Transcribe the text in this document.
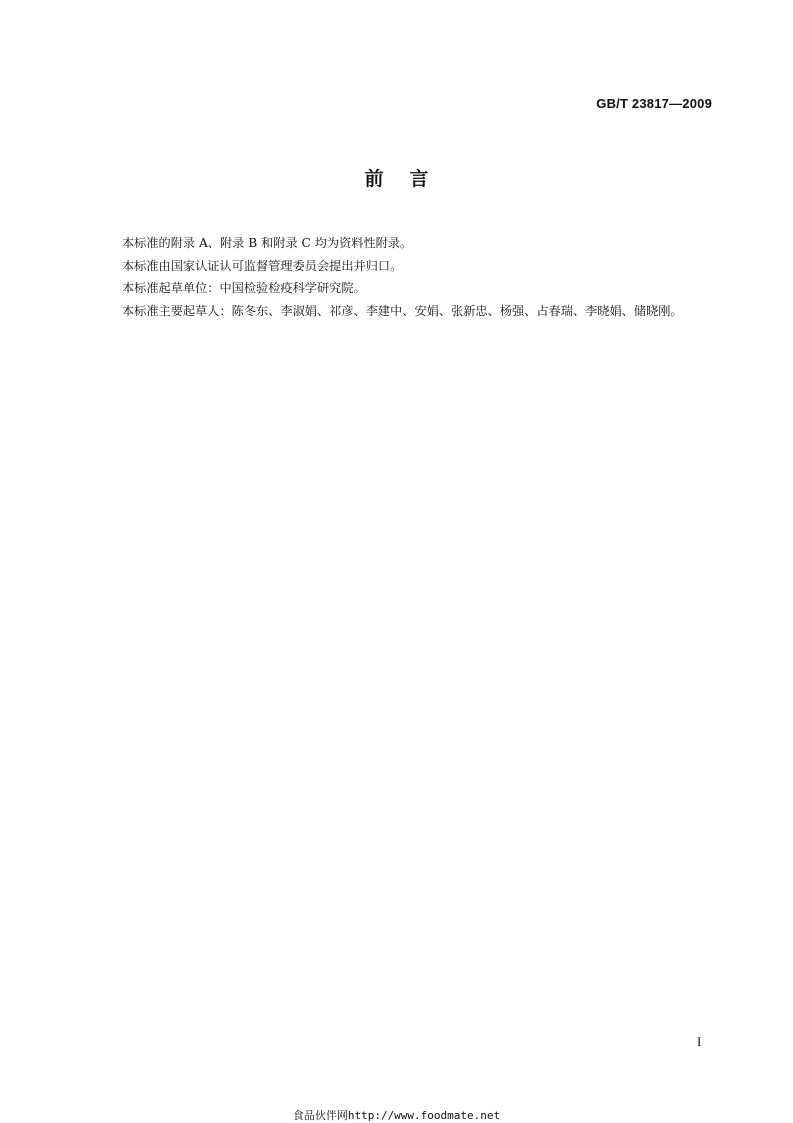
GB/T 23817—2009
前言
本标准的附录 A、附录 B 和附录 C 均为资料性附录。
本标准由国家认证认可监督管理委员会提出并归口。
本标准起草单位：中国检验检疫科学研究院。
本标准主要起草人：陈冬东、李淑娟、祁彦、李建中、安娟、张新忠、杨强、占春瑞、李晓娟、储晓刚。
I
食品伙伴网http://www.foodmate.net
